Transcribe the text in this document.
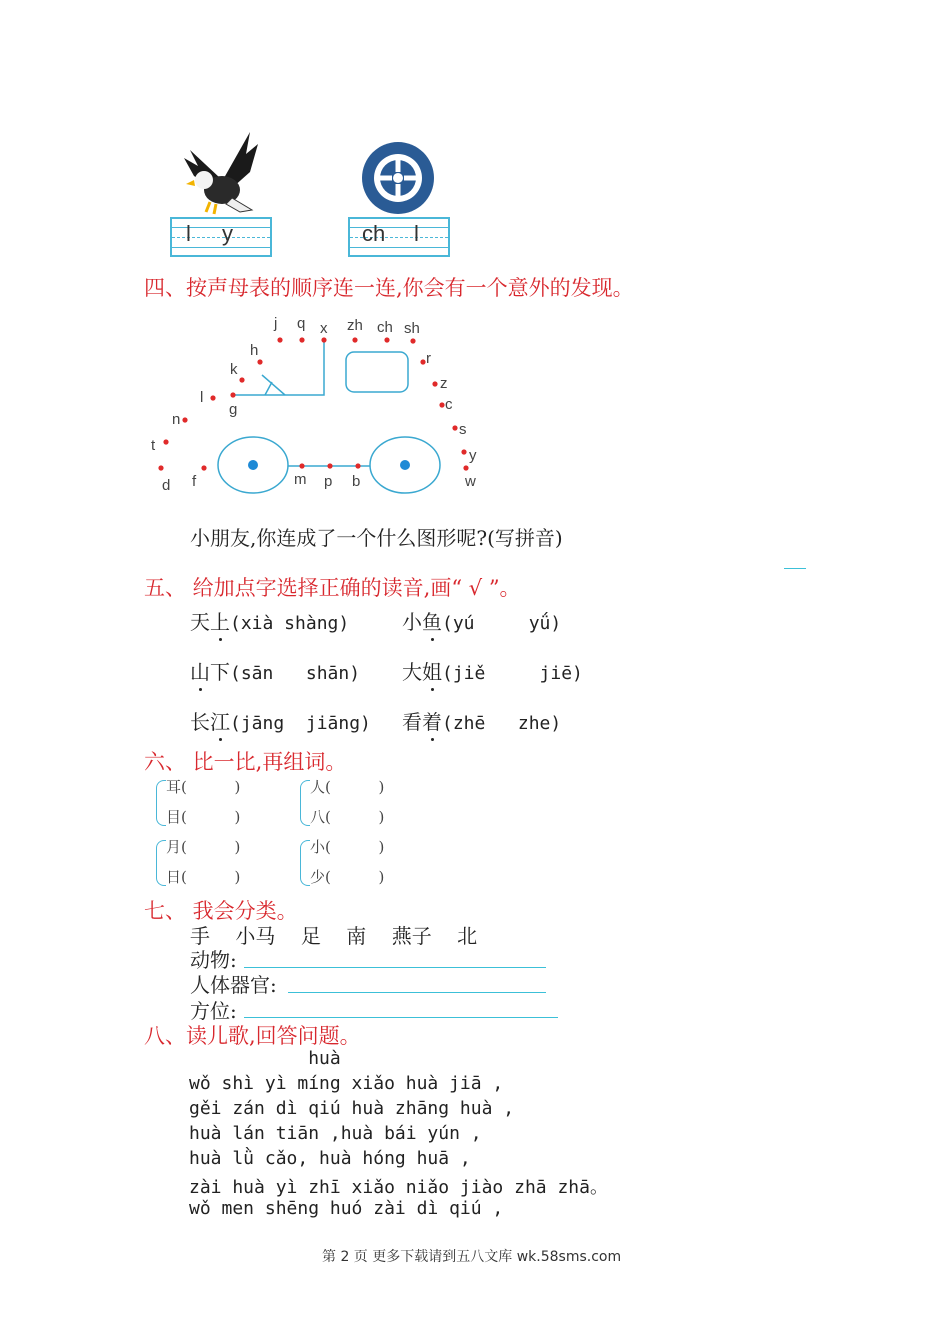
l y	ch l
四、按声母表的顺序连一连,你会有一个意外的发现。
j q x zh ch sh
h	r
k
z
l
g	c
n
s
t
y
d f	m p b	w
小朋友,你连成了一个什么图形呢?(写拼音)
五、 给加点字选择正确的读音,画“ √ ”。
天上(xià shàng)	小鱼(yú     yǘ)
山下(sān   shān) 大姐(jiě     jiē)
长江(jāng  jiāng) 看着(zhē   zhe)
六、 比一比,再组词。
耳(          )
目(          )
人(          )
八(          )
月(          )
日(          )
小(          )
少(          )
七、 我会分类。
手    小马    足    南    燕子    北
动物:
人体器官:
方位:
八、读儿歌,回答问题。
huà
wǒ shì yì míng xiǎo huà jiā ,
gěi zán dì qiú huà zhāng huà ,
huà lán tiān ,huà bái yún ,
huà lǜ cǎo, huà hóng huā ,
zài huà yì zhī xiǎo niǎo jiào zhā zhā。
wǒ men shēng huó zài dì qiú ,
第 2 页 更多下载请到五八文库 wk.58sms.com
